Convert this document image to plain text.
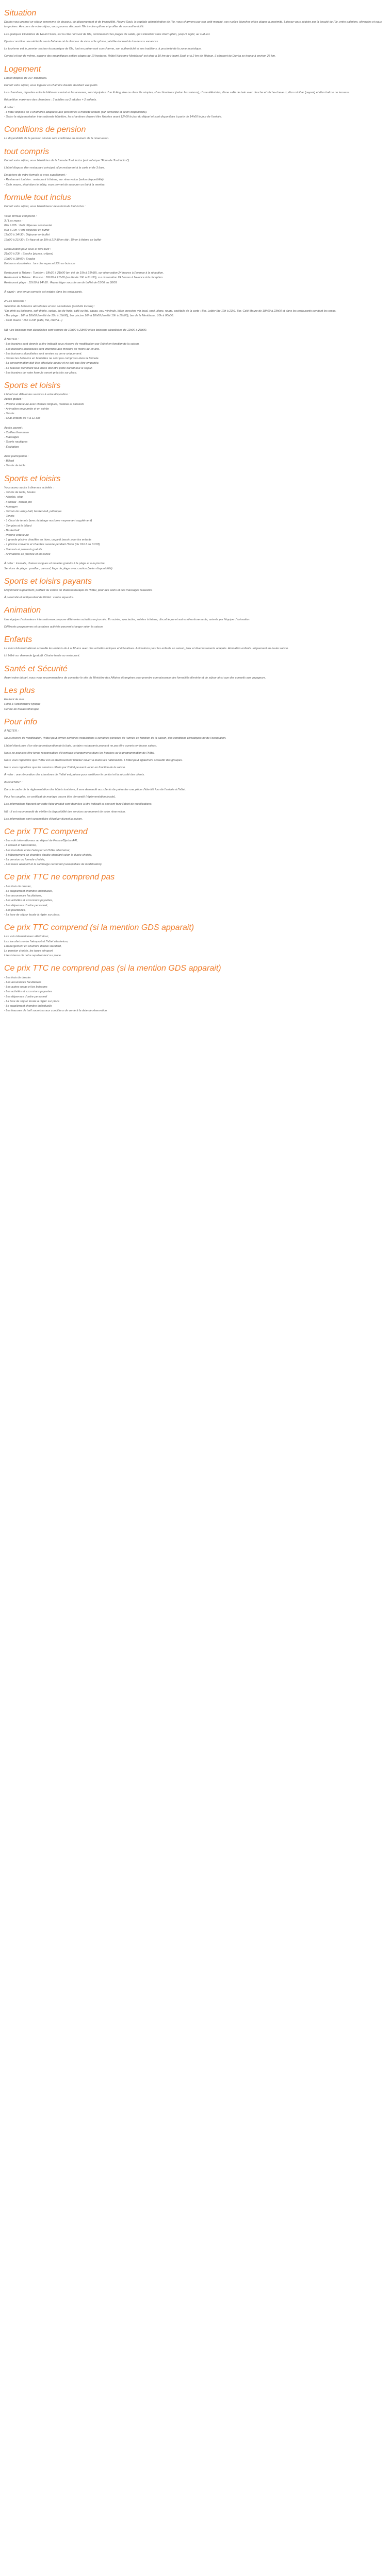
Situation

Djerba vous promet un séjour synonyme de douceur, de dépaysement et de tranquillité. Houmt Souk, la capitale administrative de l'île, vous charmera par son petit marché, ses ruelles blanches et les plages à proximité. Laissez-vous séduire par la beauté de l'île, entre palmiers, oliveraies et eaux turquoises. Au cours de votre séjour, vous pourrez découvrir l'île à votre rythme et profiter de son authenticité.

Les quelques kilomètres de Houmt Souk, sur la côte nord-est de l'île, commencent les plages de sable, qui s'étendent sans interruption, jusqu'à Aghir, au sud-est.

Djerba constitue une véritable oasis flottante où la douceur de vivre et le rythme paisible donnent le ton de vos vacances.

Le tourisme est le premier secteur économique de l'île, tout en préservant son charme, son authenticité et ses traditions, à proximité de la zone touristique.

Central et tout de même, aucune des magnifiques petites plages de 10 hectares, l'hôtel Welcome Meridiana* est situé à 10 km de Houmt Souk et à 2 km de Midoun. L'aéroport de Djerba se trouve à environ 25 km.

Logement

L'hôtel dispose de 307 chambres.

Durant votre séjour, vous logerez en chambre double standard vue jardin.

Les chambres, réparties entre le bâtiment central et les annexes, sont équipées d'un lit king size ou deux lits simples, d'un climatiseur (selon les saisons), d'une télévision, d'une salle de bain avec douche et sèche-cheveux, d'un minibar (payant) et d'un balcon ou terrasse.

Répartition maximum des chambres : 3 adultes ou 2 adultes + 2 enfants.

À noter :
- L'hôtel dispose de 3 chambres adaptées aux personnes à mobilité réduite (sur demande et selon disponibilité).
- Selon la réglementation internationale hôtelière, les chambres devront être libérées avant 12h00 le jour du départ et sont disponibles à partir de 14h00 le jour de l'arrivée.
Conditions de pension

La disponibilité de la pension choisie sera confirmée au moment de la réservation.

tout compris

Durant votre séjour, vous bénéficiez de la formule Tout Inclus (voir rubrique "Formule Tout Inclus").

L'hôtel dispose d'un restaurant principal, d'un restaurant à la carte et de 3 bars.

En dehors de votre formule et avec supplément :
- Restaurant tunisien : restaurant à thème, sur réservation (selon disponibilité).
- Cafe maure, situé dans le lobby, vous permet de savourer un thé à la menthe.
formule tout inclus
Durant votre séjour, vous bénéficierez de la formule tout inclus :

Votre formule comprend :
3 / Les repas :
07h à 07h : Petit déjeuner continental
07h à 10h : Petit déjeuner en buffet
12h30 à 14h30 : Déjeuner en buffet
19h00 à 21h30 : En face et de 19h à 21h30 en été : Dîner à thème en buffet

Restauration pour ceux et lève-tard :
21h30 à 23h : Snacks (pizzas, crêpes)
10h00 à 18h00 : Snacks
Boissons alcoolisées : lors des repas et 23h en boisson

Restaurant à Thème : Tunisien : 18h30 à 21h00 (en été de 19h à 21h30), sur réservation 24 heures à l'avance à la réception.
Restaurant à Thème : Poisson : 18h30 à 21h00 (en été de 19h à 21h30), sur réservation 24 heures à l'avance à la réception.
Restaurant plage : 12h30 à 14h30 : Repas léger sous forme de buffet de 01/06 au 30/09

À savoir : une tenue correcte est exigée dans les restaurants.

2/ Les boissons :
Sélection de boissons alcoolisées et non alcoolisées (produits locaux) :
*En drink ou boissons, soft drinks, sodas, jus de fruits, café ou thé, cacao, eau minérale, bière pression, vin local, rosé, blanc, rouge, cocktails de la carte : Bar, Lobby (de 10h à 23h), Bar, Café Maure de 18h00 à 23h00 et dans les restaurants pendant les repas.
- Bar plage : 10h à 18h00 (en été de 10h à 19h00), bar piscine 10h à 18h00 (en été 10h à 19h00), bar de la Meridiana : 10h à 00h00.
- Café maure : 16h à 23h (café, thé, chicha...)

NB : les boissons non alcoolisées sont servies de 10h00 à 23h00 et les boissons alcoolisées de 11h00 à 23h00.

À NOTER :
- Les horaires sont donnés à titre indicatif sous réserve de modification par l'hôtel en fonction de la saison.
- Les boissons alcoolisées sont interdites aux mineurs de moins de 18 ans.
- Les boissons alcoolisées sont servies au verre uniquement.
- Toutes les boissons en bouteilles ne sont pas comprises dans la formule.
- La consommation doit être effectuée au bar et ne doit pas être emportée.
- Le bracelet identifiant tout inclus doit être porté durant tout le séjour.
- Les horaires de votre formule seront précisés sur place.
Sports et loisirs
L'hôtel met différentes services à votre disposition :
Accès gratuit :
- Piscine extérieure avec chaises longues, matelas et parasols
- Animation en journée et en soirée
- Tennis
- Club enfants de 4 à 12 ans

Accès payant :
- Coiffeur/hammam
- Massages
- Sports nautiques
- Équitation

Avec participation :
- Billard
- Tennis de table
Sports et loisirs
Vous aurez accès à diverses activités :
- Tennis de table, boules
- Aérobic, step
- Football - terrain pro
- Aquagym
- Terrain de volley-ball, basket-ball, pétanque
- Tennis
- 1 Court de tennis (avec éclairage nocturne moyennant supplément)
- Ten pins et le billard
- Basketball
- Piscine extérieure
- 1 grande piscine chauffée en hiver, un petit bassin pour les enfants
- 1 piscine couverte et chauffée ouverte pendant l'hiver (du 01/11 au 31/03)
- Transats et parasols gratuits
- Animations en journée et en soirée

À noter : transats, chaises longues et matelas gratuits à la plage et à la piscine.
Services de plage : pavillon, parasol, linge de plage avec caution (selon disponibilité)
Sports et loisirs payants

Moyennant supplément, profitez du centre de thalassothérapie de l'hôtel, pour des soins et des massages relaxants.

À proximité et indépendant de l'hôtel : centre équestre.

Animation

Une équipe d'animateurs internationaux propose différentes activités en journée. En soirée, spectacles, soirées à thème, discothèque et autres divertissements, animés par l'équipe d'animation.

Différents programmes et certaines activités peuvent changer selon la saison.

Enfants

Le mini club international accueille les enfants de 4 à 12 ans avec des activités ludiques et éducatives. Animations pour les enfants en saison, jeux et divertissements adaptés. Animation enfants uniquement en haute saison.

Lit bébé sur demande (gratuit). Chaise haute au restaurant.

Santé et Sécurité

Avant votre départ, nous vous recommandons de consulter le site du Ministère des Affaires étrangères pour prendre connaissance des formalités d'entrée et de séjour ainsi que des conseils aux voyageurs.

Les plus
En front de mer
Hôtel à l'architecture typique
Centre de thalassothérapie
Pour info

À NOTER :

Sous réserve de modification, l'hôtel peut fermer certaines installations à certaines périodes de l'année en fonction de la saison, des conditions climatiques ou de l'occupation.

L'hôtel étant près d'un site de restauration de la baie, certains restaurants peuvent ne pas être ouverts en basse saison.

Nous ne pouvons être tenus responsables d'éventuels changements dans les horaires ou la programmation de l'hôtel.

Nous vous rappelons que l'hôtel est un établissement hôtelier ouvert à toutes les nationalités. L'hôtel peut également accueillir des groupes.

Nous vous rappelons que les services offerts par l'hôtel peuvent varier en fonction de la saison.

À noter : une rénovation des chambres de l'hôtel est prévue pour améliorer le confort et la sécurité des clients.

IMPORTANT :

Dans le cadre de la réglementation des hôtels tunisiens, il sera demandé aux clients de présenter une pièce d'identité lors de l'arrivée à l'hôtel.

Pour les couples, un certificat de mariage pourra être demandé (réglementation locale).

Les informations figurant sur cette fiche produit sont données à titre indicatif et peuvent faire l'objet de modifications.

NB : Il est recommandé de vérifier la disponibilité des services au moment de votre réservation.

Les informations sont susceptibles d'évoluer durant la saison.

Ce prix TTC comprend
- Les vols internationaux au départ de France/Djerba A/R,
- L'accueil et l'assistance,
- Les transferts entre l'aéroport et l'hôtel aller/retour,
- L'hébergement en chambre double standard selon la durée choisie,
- La pension ou formule choisie,
- Les taxes aéroport et la surcharge carburant (susceptibles de modification).
Ce prix TTC ne comprend pas
- Les frais de dossier,
- Le supplément chambre individuelle,
- Les assurances facultatives,
- Les activités et excursions payantes,
- Les dépenses d'ordre personnel,
- Les pourboires,
- La taxe de séjour locale à régler sur place.
Ce prix TTC comprend (si la mention GDS apparait)
Les vols internationaux aller/retour,
Les transferts entre l'aéroport et l'hôtel aller/retour,
L'hébergement en chambre double standard,
La pension choisie, les taxes aéroport,
L'assistance de notre représentant sur place.
Ce prix TTC ne comprend pas (si la mention GDS apparait)
- Les frais de dossier
- Les assurances facultatives
- Les autres repas et les boissons
- Les activités et excursions payantes
- Les dépenses d'ordre personnel
- La taxe de séjour locale à régler sur place
- Le supplément chambre individuelle
- Les hausses de tarif soumises aux conditions de vente à la date de réservation
